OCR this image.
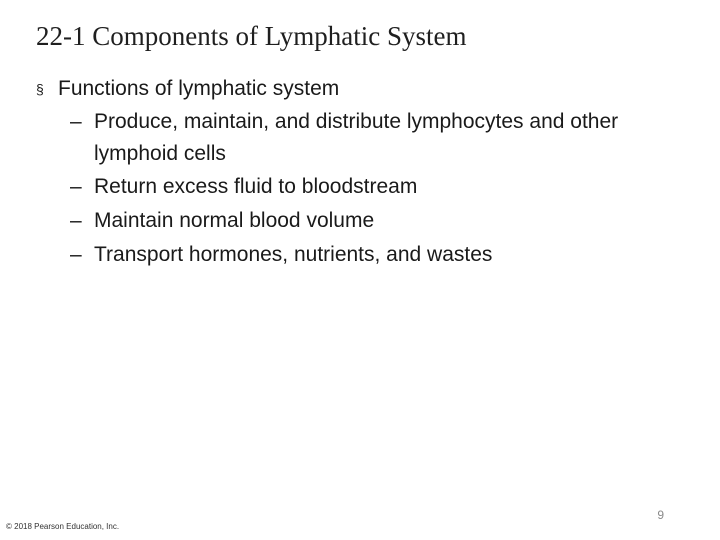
22-1 Components of Lymphatic System
§ Functions of lymphatic system
– Produce, maintain, and distribute lymphocytes and other lymphoid cells
– Return excess fluid to bloodstream
– Maintain normal blood volume
– Transport hormones, nutrients, and wastes
© 2018 Pearson Education, Inc.
9
